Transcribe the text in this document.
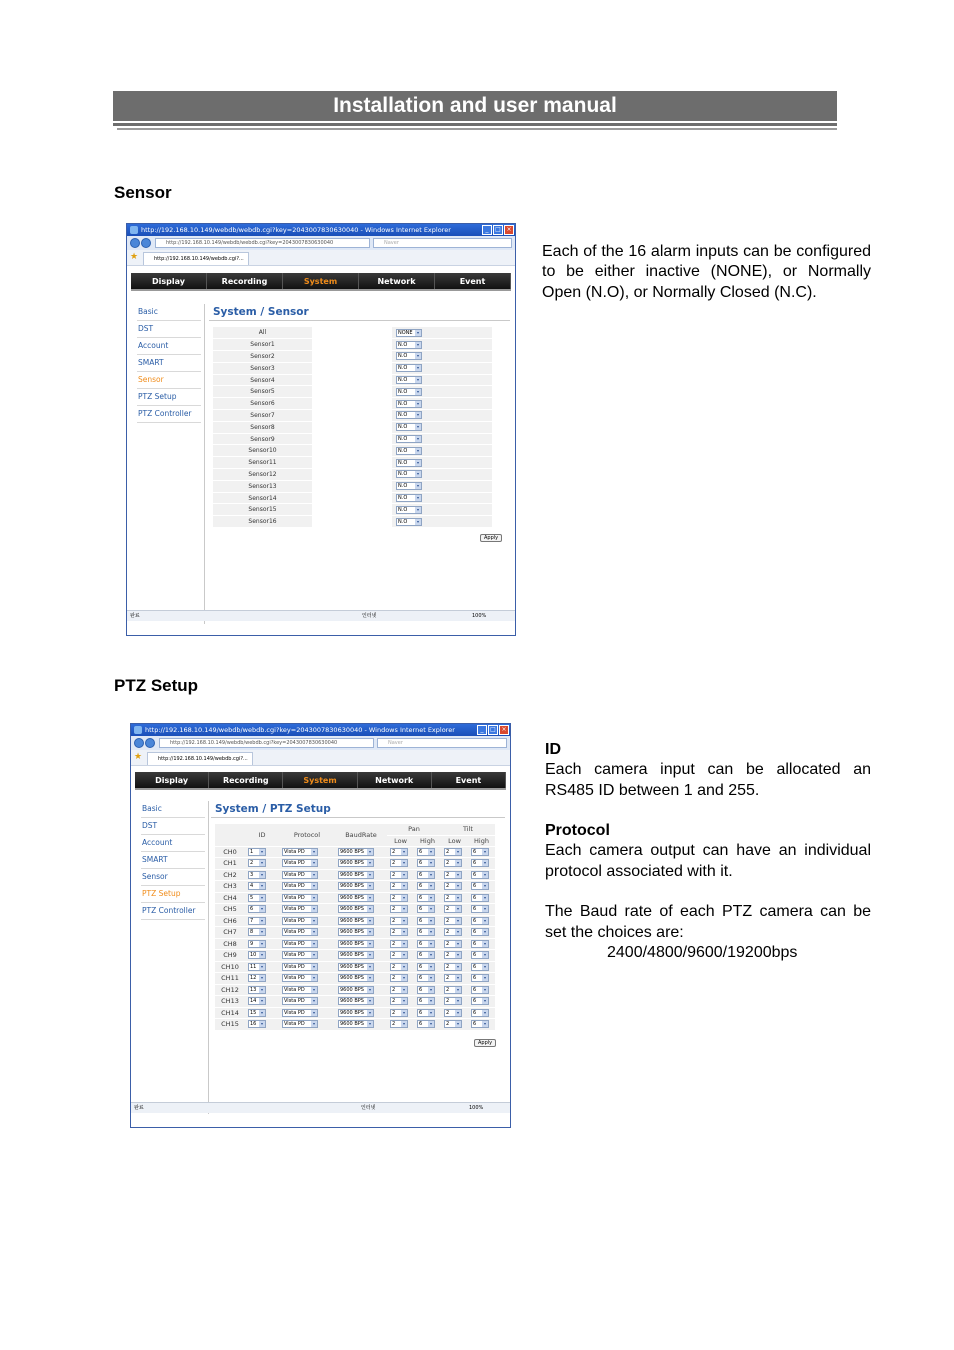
Installation and user manual
Sensor
PTZ Setup
http://192.168.10.149/webdb/webdb.cgi?key=2043007830630040 - Windows Internet Explorer	_	□ ×
http://192.168.10.149/webdb/webdb.cgi?key=2043007830630040	Naver
★	http://192.168.10.149/webdb.cgi?...
Display	Recording	System	Network	Event
Basic
DST
Account
SMART
Sensor
PTZ Setup
PTZ Controller
System / Sensor
All		NONE ▾

Sensor1		N.O ▾

Sensor2		N.O ▾

Sensor3		N.O ▾

Sensor4		N.O ▾

Sensor5		N.O ▾

Sensor6		N.O ▾

Sensor7		N.O ▾

Sensor8		N.O ▾

Sensor9		N.O ▾

Sensor10		N.O ▾

Sensor11		N.O ▾

Sensor12		N.O ▾

Sensor13		N.O ▾

Sensor14		N.O ▾

Sensor15		N.O ▾

Sensor16		N.O ▾
Apply
완료	인터넷	100%
Each of the 16 alarm inputs can be configured to be either inactive (NONE), or Normally Open (N.O), or Normally Closed (N.C).
http://192.168.10.149/webdb/webdb.cgi?key=2043007830630040 - Windows Internet Explorer	_	□ ×
http://192.168.10.149/webdb/webdb.cgi?key=2043007830630040	Naver
★	http://192.168.10.149/webdb.cgi?...
Display	Recording	System	Network	Event
Basic
DST
Account
SMART
Sensor
PTZ Setup
PTZ Controller
System / PTZ Setup
	ID	Protocol	BaudRate	Pan		Tilt	
				Low	High	Low	High
CH0	1 ▾	Vista PD ▾	9600 BPS ▾	2 ▾	6 ▾	2 ▾	6 ▾

CH1	2 ▾	Vista PD ▾	9600 BPS ▾	2 ▾	6 ▾	2 ▾	6 ▾

CH2	3 ▾	Vista PD ▾	9600 BPS ▾	2 ▾	6 ▾	2 ▾	6 ▾

CH3	4 ▾	Vista PD ▾	9600 BPS ▾	2 ▾	6 ▾	2 ▾	6 ▾

CH4	5 ▾	Vista PD ▾	9600 BPS ▾	2 ▾	6 ▾	2 ▾	6 ▾

CH5	6 ▾	Vista PD ▾	9600 BPS ▾	2 ▾	6 ▾	2 ▾	6 ▾

CH6	7 ▾	Vista PD ▾	9600 BPS ▾	2 ▾	6 ▾	2 ▾	6 ▾

CH7	8 ▾	Vista PD ▾	9600 BPS ▾	2 ▾	6 ▾	2 ▾	6 ▾

CH8	9 ▾	Vista PD ▾	9600 BPS ▾	2 ▾	6 ▾	2 ▾	6 ▾

CH9	10 ▾	Vista PD ▾	9600 BPS ▾	2 ▾	6 ▾	2 ▾	6 ▾

CH10	11 ▾	Vista PD ▾	9600 BPS ▾	2 ▾	6 ▾	2 ▾	6 ▾

CH11	12 ▾	Vista PD ▾	9600 BPS ▾	2 ▾	6 ▾	2 ▾	6 ▾

CH12	13 ▾	Vista PD ▾	9600 BPS ▾	2 ▾	6 ▾	2 ▾	6 ▾

CH13	14 ▾	Vista PD ▾	9600 BPS ▾	2 ▾	6 ▾	2 ▾	6 ▾

CH14	15 ▾	Vista PD ▾	9600 BPS ▾	2 ▾	6 ▾	2 ▾	6 ▾

CH15	16 ▾	Vista PD ▾	9600 BPS ▾	2 ▾	6 ▾	2 ▾	6 ▾
Apply
완료	인터넷	100%
ID
Each camera input can be allocated an RS485 ID between 1 and 255.

Protocol
Each camera output can have an individual protocol associated with it.

The Baud rate of each PTZ camera can be set the choices are:
2400/4800/9600/19200bps
